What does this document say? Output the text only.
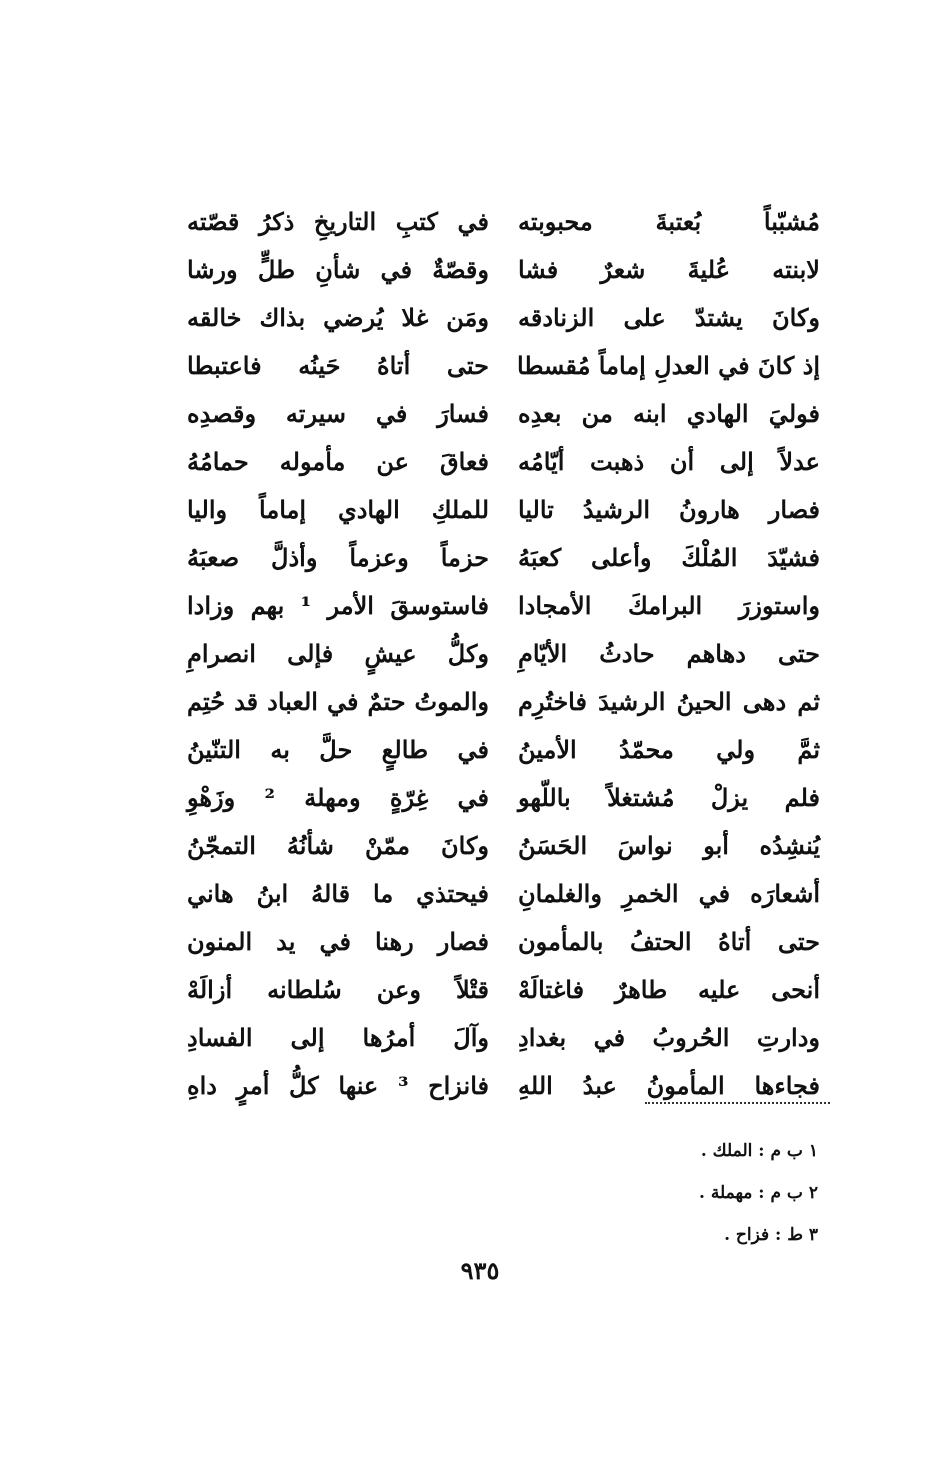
مُشبّباً بُعتبةَ محبوبته
في كتبِ التاريخِ ذكرُ قصّته
لابنته عُليةَ شعرٌ فشا
وقصّةٌ في شأنِ طلٍّ ورشا
وكانَ يشتدّ على الزنادقه
ومَن غلا يُرضي بذاك خالقه
إذ كانَ في العدلِ إماماً مُقسطا
حتى أتاهُ حَينُه فاعتبطا
فوليَ الهادي ابنه من بعدِه
فسارَ في سيرته وقصدِه
عدلاً إلى أن ذهبت أيّامُه
فعاقَ عن مأموله حمامُهُ
فصار هارونُ الرشيدُ تاليا
للملكِ الهادي إماماً واليا
فشيّدَ المُلْكَ وأعلى كعبَهُ
حزماً وعزماً وأذلَّ صعبَهُ
واستوزرَ البرامكَ الأمجادا
فاستوسقَ الأمر ¹ بهم وزادا
حتى دهاهم حادثُ الأيّامِ
وكلُّ عيشٍ فإلى انصرامِ
ثم دهى الحينُ الرشيدَ فاختُرِم
والموتُ حتمٌ في العباد قد حُتِم
ثمَّ ولي محمّدُ الأمينُ
في طالعٍ حلَّ به التنّينُ
فلم يزلْ مُشتغلاً باللّهو
في غِرّةٍ ومهلة ² وزَهْوِ
يُنشِدُه أبو نواسَ الحَسَنُ
وكانَ ممّنْ شأنُهُ التمجّنُ
أشعارَه في الخمرِ والغلمانِ
فيحتذي ما قالهُ ابنُ هاني
حتى أتاهُ الحتفُ بالمأمون
فصار رهنا في يد المنون
أنحى عليه طاهرٌ فاغتالَهْ
قتْلاً وعن سُلطانه أزالَهْ
ودارتِ الحُروبُ في بغدادِ
وآلَ أمرُها إلى الفسادِ
فجاءها المأمونُ عبدُ اللهِ
فانزاح ³ عنها كلُّ أمرٍ داهِ
١ ب م : الملك .
٢ ب م : مهملة .
٣ ط : فزاح .
٩٣٥
